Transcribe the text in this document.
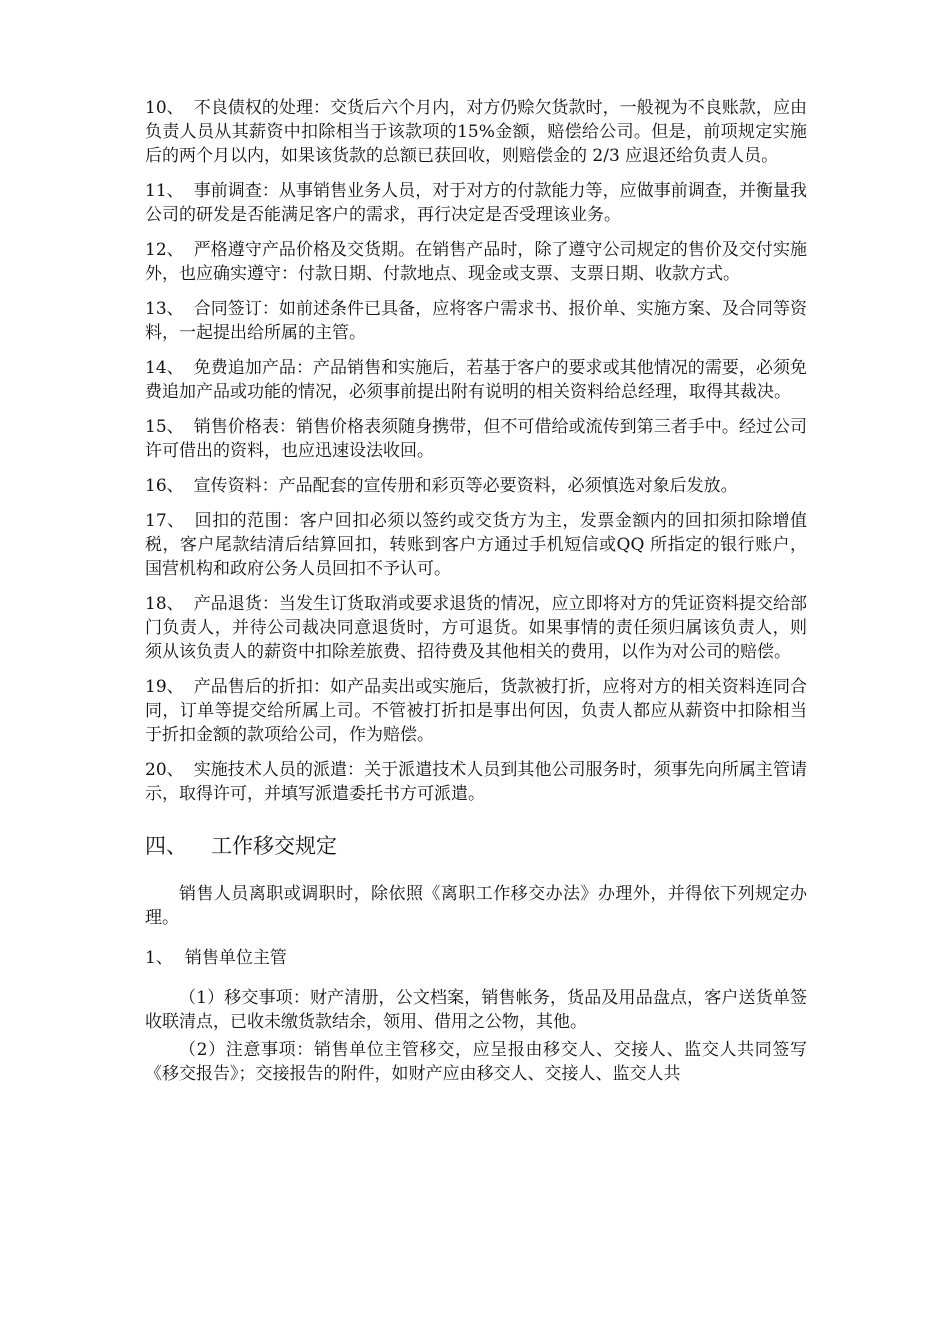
10、 不良债权的处理：交货后六个月内，对方仍赊欠货款时，一般视为不良账款，应由负责人员从其薪资中扣除相当于该款项的15%金额，赔偿给公司。但是，前项规定实施后的两个月以内，如果该货款的总额已获回收，则赔偿金的 2/3 应退还给负责人员。

11、 事前调查：从事销售业务人员，对于对方的付款能力等，应做事前调查，并衡量我公司的研发是否能满足客户的需求，再行决定是否受理该业务。

12、 严格遵守产品价格及交货期。在销售产品时，除了遵守公司规定的售价及交付实施外，也应确实遵守：付款日期、付款地点、现金或支票、支票日期、收款方式。

13、 合同签订：如前述条件已具备，应将客户需求书、报价单、实施方案、及合同等资料，一起提出给所属的主管。

14、 免费追加产品：产品销售和实施后，若基于客户的要求或其他情况的需要，必须免费追加产品或功能的情况，必须事前提出附有说明的相关资料给总经理，取得其裁决。

15、 销售价格表：销售价格表须随身携带，但不可借给或流传到第三者手中。经过公司许可借出的资料，也应迅速设法收回。

16、 宣传资料：产品配套的宣传册和彩页等必要资料，必须慎选对象后发放。

17、 回扣的范围：客户回扣必须以签约或交货方为主，发票金额内的回扣须扣除增值税，客户尾款结清后结算回扣，转账到客户方通过手机短信或QQ 所指定的银行账户，国营机构和政府公务人员回扣不予认可。

18、 产品退货：当发生订货取消或要求退货的情况，应立即将对方的凭证资料提交给部门负责人，并待公司裁决同意退货时，方可退货。如果事情的责任须归属该负责人，则须从该负责人的薪资中扣除差旅费、招待费及其他相关的费用，以作为对公司的赔偿。

19、 产品售后的折扣：如产品卖出或实施后，货款被打折，应将对方的相关资料连同合同，订单等提交给所属上司。不管被打折扣是事出何因，负责人都应从薪资中扣除相当于折扣金额的款项给公司，作为赔偿。

20、 实施技术人员的派遣：关于派遣技术人员到其他公司服务时，须事先向所属主管请示，取得许可，并填写派遣委托书方可派遣。

四、 工作移交规定

销售人员离职或调职时，除依照《离职工作移交办法》办理外，并得依下列规定办理。

1、 销售单位主管

（1）移交事项：财产清册，公文档案，销售帐务，货品及用品盘点，客户送货单签收联清点，已收未缴货款结余，领用、借用之公物，其他。

（2）注意事项：销售单位主管移交，应呈报由移交人、交接人、监交人共同签写《移交报告》；交接报告的附件，如财产应由移交人、交接人、监交人共
